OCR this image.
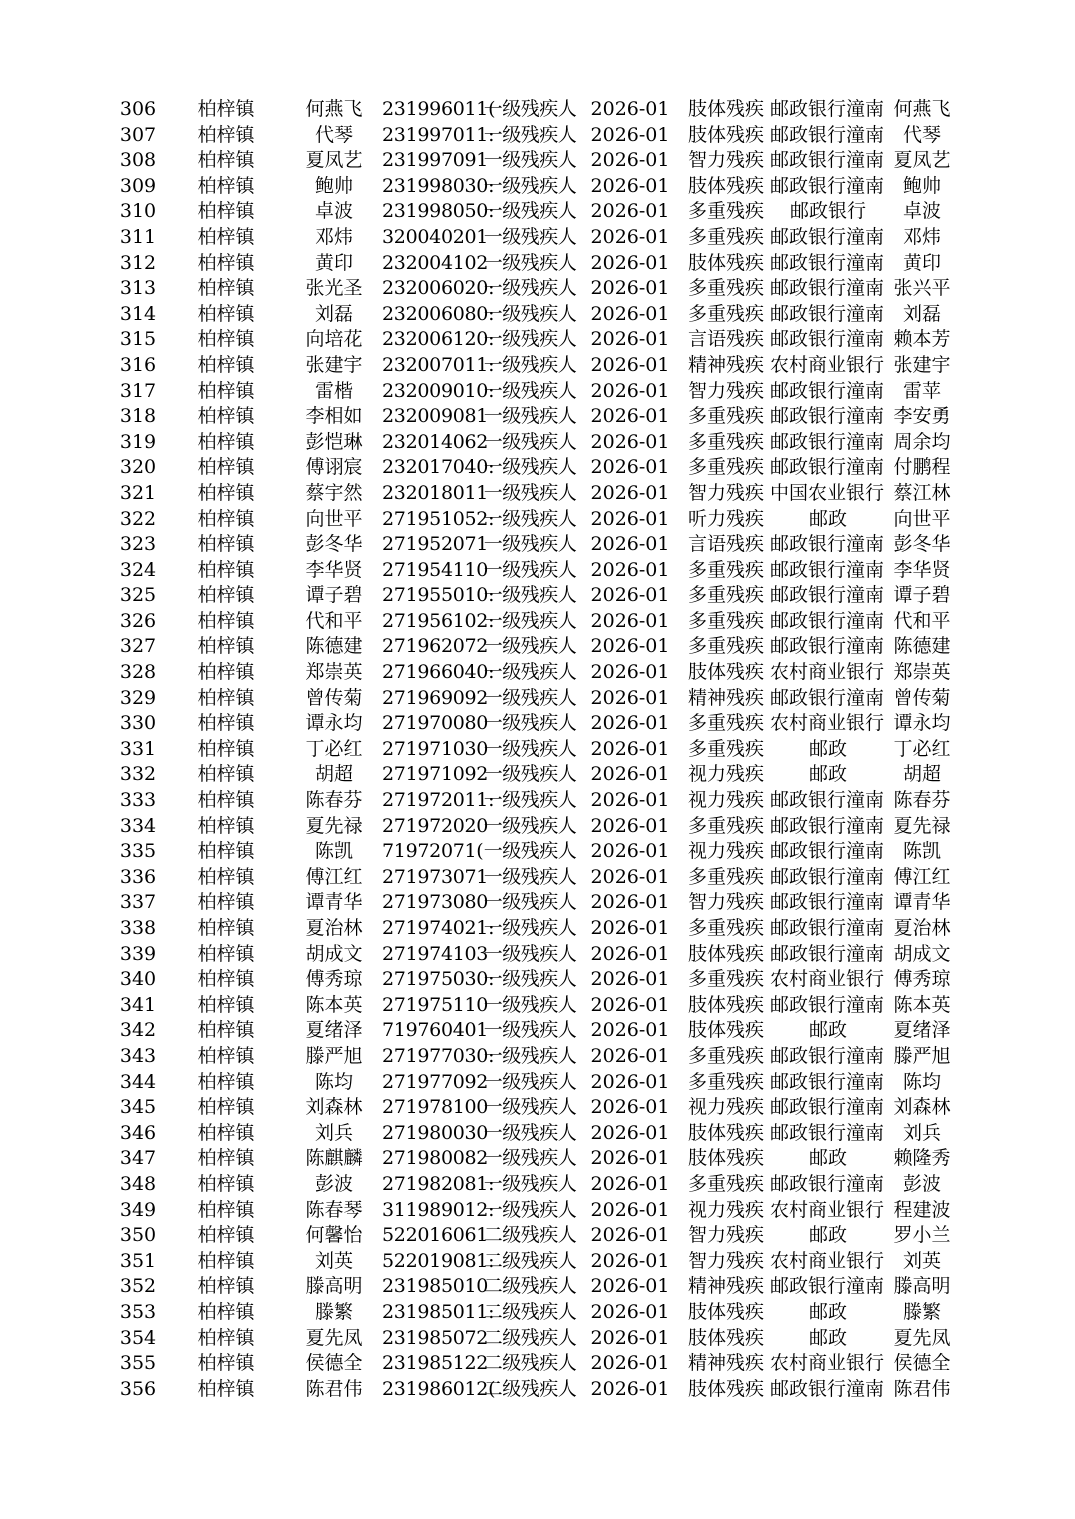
306	柏梓镇	何燕飞	231996011(	一级残疾人	2026-01	肢体残疾	邮政银行潼南	何燕飞
307	柏梓镇	代琴	231997011:	一级残疾人	2026-01	肢体残疾	邮政银行潼南	代琴
308	柏梓镇	夏凤艺	231997091	一级残疾人	2026-01	智力残疾	邮政银行潼南	夏凤艺
309	柏梓镇	鲍帅	231998030:	一级残疾人	2026-01	肢体残疾	邮政银行潼南	鲍帅
310	柏梓镇	卓波	231998050:	一级残疾人	2026-01	多重残疾	邮政银行	卓波
311	柏梓镇	邓炜	320040201	一级残疾人	2026-01	多重残疾	邮政银行潼南	邓炜
312	柏梓镇	黄印	232004102	一级残疾人	2026-01	肢体残疾	邮政银行潼南	黄印
313	柏梓镇	张光圣	232006020:	一级残疾人	2026-01	多重残疾	邮政银行潼南	张兴平
314	柏梓镇	刘磊	232006080:	一级残疾人	2026-01	多重残疾	邮政银行潼南	刘磊
315	柏梓镇	向培花	232006120:	一级残疾人	2026-01	言语残疾	邮政银行潼南	赖本芳
316	柏梓镇	张建宇	232007011:	一级残疾人	2026-01	精神残疾	农村商业银行	张建宇
317	柏梓镇	雷楷	232009010:	一级残疾人	2026-01	智力残疾	邮政银行潼南	雷苹
318	柏梓镇	李相如	232009081	一级残疾人	2026-01	多重残疾	邮政银行潼南	李安勇
319	柏梓镇	彭恺琳	232014062	一级残疾人	2026-01	多重残疾	邮政银行潼南	周余均
320	柏梓镇	傅诩宸	232017040:	一级残疾人	2026-01	多重残疾	邮政银行潼南	付鹏程
321	柏梓镇	蔡宇然	232018011	一级残疾人	2026-01	智力残疾	中国农业银行	蔡江林
322	柏梓镇	向世平	271951052:	一级残疾人	2026-01	听力残疾	邮政	向世平
323	柏梓镇	彭冬华	271952071	一级残疾人	2026-01	言语残疾	邮政银行潼南	彭冬华
324	柏梓镇	李华贤	271954110	一级残疾人	2026-01	多重残疾	邮政银行潼南	李华贤
325	柏梓镇	谭子碧	271955010:	一级残疾人	2026-01	多重残疾	邮政银行潼南	谭子碧
326	柏梓镇	代和平	271956102:	一级残疾人	2026-01	多重残疾	邮政银行潼南	代和平
327	柏梓镇	陈德建	271962072	一级残疾人	2026-01	多重残疾	邮政银行潼南	陈德建
328	柏梓镇	郑崇英	271966040:	一级残疾人	2026-01	肢体残疾	农村商业银行	郑崇英
329	柏梓镇	曾传菊	271969092	一级残疾人	2026-01	精神残疾	邮政银行潼南	曾传菊
330	柏梓镇	谭永均	271970080	一级残疾人	2026-01	多重残疾	农村商业银行	谭永均
331	柏梓镇	丁必红	271971030	一级残疾人	2026-01	多重残疾	邮政	丁必红
332	柏梓镇	胡超	271971092	一级残疾人	2026-01	视力残疾	邮政	胡超
333	柏梓镇	陈春芬	271972011:	一级残疾人	2026-01	视力残疾	邮政银行潼南	陈春芬
334	柏梓镇	夏先禄	271972020	一级残疾人	2026-01	多重残疾	邮政银行潼南	夏先禄
335	柏梓镇	陈凯	71972071(	一级残疾人	2026-01	视力残疾	邮政银行潼南	陈凯
336	柏梓镇	傅江红	271973071	一级残疾人	2026-01	多重残疾	邮政银行潼南	傅江红
337	柏梓镇	谭青华	271973080	一级残疾人	2026-01	智力残疾	邮政银行潼南	谭青华
338	柏梓镇	夏治林	271974021:	一级残疾人	2026-01	多重残疾	邮政银行潼南	夏治林
339	柏梓镇	胡成文	271974103	一级残疾人	2026-01	肢体残疾	邮政银行潼南	胡成文
340	柏梓镇	傅秀琼	271975030:	一级残疾人	2026-01	多重残疾	农村商业银行	傅秀琼
341	柏梓镇	陈本英	271975110	一级残疾人	2026-01	肢体残疾	邮政银行潼南	陈本英
342	柏梓镇	夏绪泽	719760401	一级残疾人	2026-01	肢体残疾	邮政	夏绪泽
343	柏梓镇	滕严旭	271977030:	一级残疾人	2026-01	多重残疾	邮政银行潼南	滕严旭
344	柏梓镇	陈均	271977092	一级残疾人	2026-01	多重残疾	邮政银行潼南	陈均
345	柏梓镇	刘森林	271978100	一级残疾人	2026-01	视力残疾	邮政银行潼南	刘森林
346	柏梓镇	刘兵	271980030	一级残疾人	2026-01	肢体残疾	邮政银行潼南	刘兵
347	柏梓镇	陈麒麟	271980082	一级残疾人	2026-01	肢体残疾	邮政	赖隆秀
348	柏梓镇	彭波	271982081:	一级残疾人	2026-01	多重残疾	邮政银行潼南	彭波
349	柏梓镇	陈春琴	311989012:	一级残疾人	2026-01	视力残疾	农村商业银行	程建波
350	柏梓镇	何馨怡	522016061	二级残疾人	2026-01	智力残疾	邮政	罗小兰
351	柏梓镇	刘英	522019081:	二级残疾人	2026-01	智力残疾	农村商业银行	刘英
352	柏梓镇	滕高明	231985010	二级残疾人	2026-01	精神残疾	邮政银行潼南	滕高明
353	柏梓镇	滕繁	231985011:	二级残疾人	2026-01	肢体残疾	邮政	滕繁
354	柏梓镇	夏先凤	231985072	二级残疾人	2026-01	肢体残疾	邮政	夏先凤
355	柏梓镇	侯德全	231985122	二级残疾人	2026-01	精神残疾	农村商业银行	侯德全
356	柏梓镇	陈君伟	231986012(	二级残疾人	2026-01	肢体残疾	邮政银行潼南	陈君伟
